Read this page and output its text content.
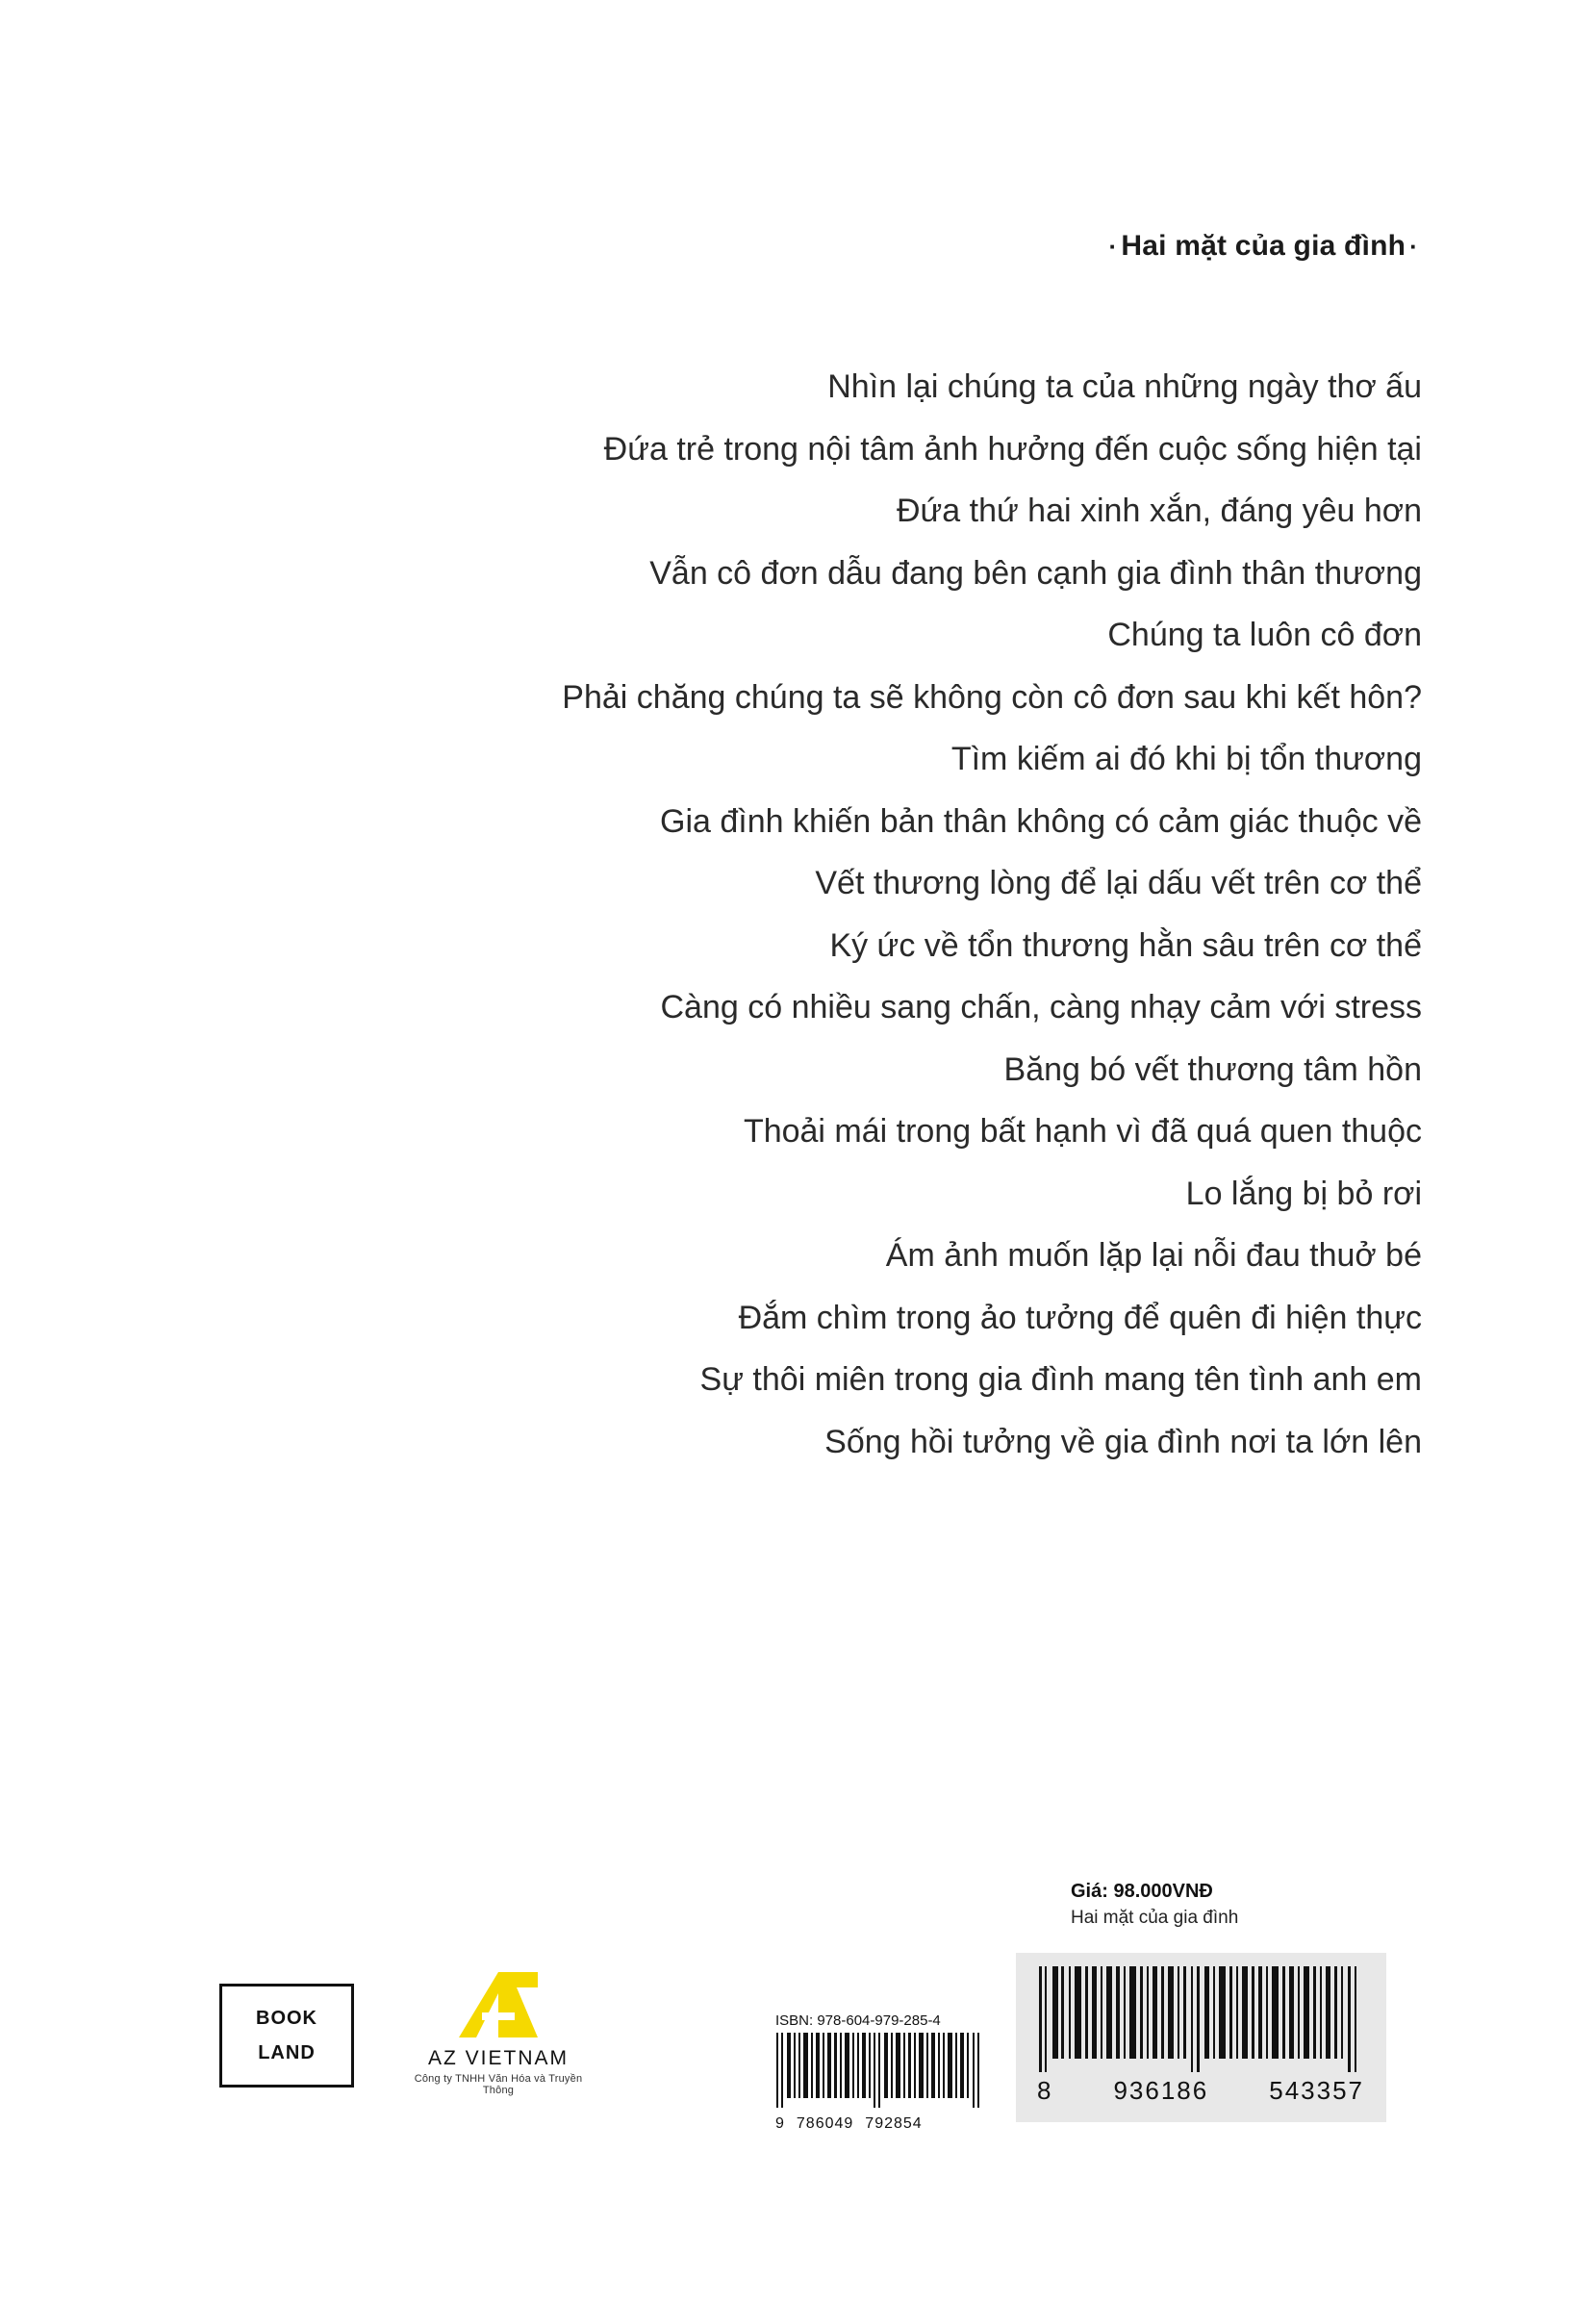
· Hai mặt của gia đình ·
Nhìn lại chúng ta của những ngày thơ ấu
Đứa trẻ trong nội tâm ảnh hưởng đến cuộc sống hiện tại
Đứa thứ hai xinh xắn, đáng yêu hơn
Vẫn cô đơn dẫu đang bên cạnh gia đình thân thương
Chúng ta luôn cô đơn
Phải chăng chúng ta sẽ không còn cô đơn sau khi kết hôn?
Tìm kiếm ai đó khi bị tổn thương
Gia đình khiến bản thân không có cảm giác thuộc về
Vết thương lòng để lại dấu vết trên cơ thể
Ký ức về tổn thương hằn sâu trên cơ thể
Càng có nhiều sang chấn, càng nhạy cảm với stress
Băng bó vết thương tâm hồn
Thoải mái trong bất hạnh vì đã quá quen thuộc
Lo lắng bị bỏ rơi
Ám ảnh muốn lặp lại nỗi đau thuở bé
Đắm chìm trong ảo tưởng để quên đi hiện thực
Sự thôi miên trong gia đình mang tên tình anh em
Sống hồi tưởng về gia đình nơi ta lớn lên
Giá: 98.000VNĐ
Hai mặt của gia đình
8 936186 543357
ISBN: 978-604-979-285-4
9 786049 792854
BOOK
LAND	AZ VIETNAM
Công ty TNHH Văn Hóa và Truyền Thông
